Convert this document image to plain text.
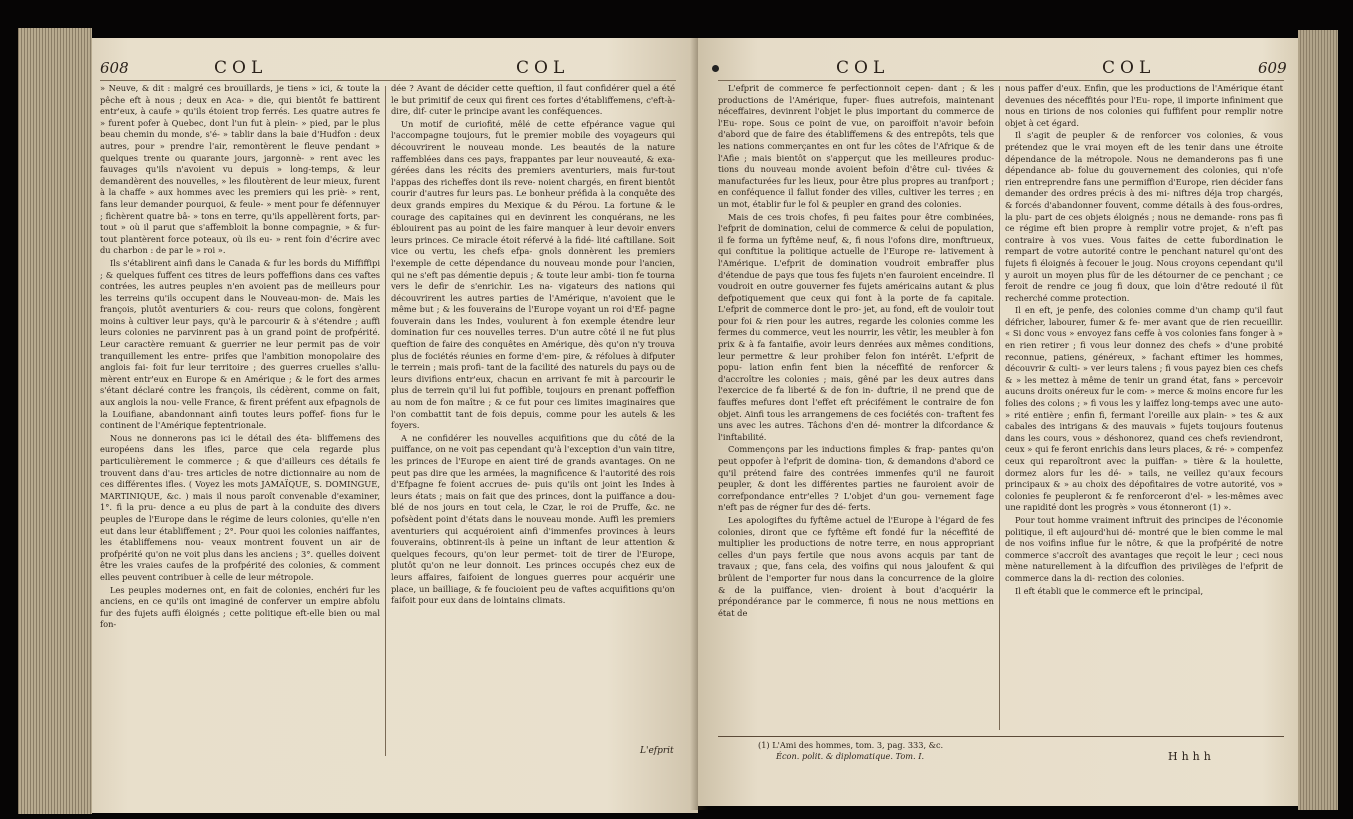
608	COL	COL

» Neuve, & dit : malgré ces brouillards, je tiens » ici, & toute la pêche eft à nous ; deux en Aca- » die, qui bientôt fe battirent entr'eux, à caufe » qu'ils étoient trop ferrés. Les quatre autres fe » furent pofer à Quebec, dont l'un fut à plein- » pied, par le plus beau chemin du monde, s'é- » tablir dans la baie d'Hudfon : deux autres, pour » prendre l'air, remontèrent le fleuve pendant » quelques trente ou quarante jours, jargonnè- » rent avec les fauvages qu'ils n'avoient vu depuis » long-temps, & leur demandèrent des nouvelles, » les filoutèrent de leur mieux, furent à la chaffe » aux hommes avec les premiers qui les priè- » rent, fans leur demander pourquoi, & feule- » ment pour fe défennuyer ; fichèrent quatre bâ- » tons en terre, qu'ils appellèrent forts, par-tout » où il parut que s'affembloit la bonne compagnie, » & fur-tout plantèrent force poteaux, où ils eu- » rent foin d'écrire avec du charbon : de par le » roi ».

Ils s'établirent ainfi dans le Canada & fur les bords du Miffiffipi ; & quelques fuffent ces titres de leurs poffeffions dans ces vaftes contrées, les autres peuples n'en avoient pas de meilleurs pour les terreins qu'ils occupent dans le Nouveau-mon- de. Mais les françois, plutôt aventuriers & cou- reurs que colons, fongèrent moins à cultiver leur pays, qu'à le parcourir & à s'étendre ; auffi leurs colonies ne parvinrent pas à un grand point de profpérité. Leur caractère remuant & guerrier ne leur permit pas de voir tranquillement les entre- prifes que l'ambition monopolaire des anglois fai- foit fur leur territoire ; des guerres cruelles s'allu- mèrent entr'eux en Europe & en Amérique ; & le fort des armes s'étant déclaré contre les françois, ils cédèrent, comme on fait, aux anglois la nou- velle France, & firent préfent aux efpagnols de la Louifiane, abandonnant ainfi toutes leurs poffef- fions fur le continent de l'Amérique feptentrionale.

Nous ne donnerons pas ici le détail des éta- bliffemens des européens dans les ifles, parce que cela regarde plus particulièrement le commerce ; & que d'ailleurs ces détails fe trouvent dans d'au- tres articles de notre dictionnaire au nom de ces différentes ifles. ( Voyez les mots JAMAÏQUE, S. DOMINGUE, MARTINIQUE, &c. ) mais il nous paroît convenable d'examiner, 1°. fi la pru- dence a eu plus de part à la conduite des divers peuples de l'Europe dans le régime de leurs colonies, qu'elle n'en eut dans leur établiffement ; 2°. Pour quoi les colonies naiffantes, les établiffemens nou- veaux montrent fouvent un air de profpérité qu'on ne voit plus dans les anciens ; 3°. quelles doivent être les vraies caufes de la profpérité des colonies, & comment elles peuvent contribuer à celle de leur métropole.

Les peuples modernes ont, en fait de colonies, enchéri fur les anciens, en ce qu'ils ont imaginé de conferver un empire abfolu fur des fujets auffi éloignés ; cette politique eft-elle bien ou mal fon-

dée ? Avant de décider cette queftion, il faut confidérer quel a été le but primitif de ceux qui firent ces fortes d'établiffemens, c'eft-à-dire, dif- cuter le principe avant les conféquences.

Un motif de curiofité, mêlé de cette efpérance vague qui l'accompagne toujours, fut le premier mobile des voyageurs qui découvrirent le nouveau monde. Les beautés de la nature raffemblées dans ces pays, frappantes par leur nouveauté, & exa- gérées dans les récits des premiers aventuriers, mais fur-tout l'appas des richeffes dont ils reve- noient chargés, en firent bientôt courir d'autres fur leurs pas. Le bonheur préfida à la conquête des deux grands empires du Mexique & du Pérou. La fortune & le courage des capitaines qui en devinrent les conquérans, ne les éblouirent pas au point de les faire manquer à leur devoir envers leurs princes. Ce miracle étoit réfervé à la fidé- lité caftillane. Soit vice ou vertu, les chefs efpa- gnols donnèrent les premiers l'exemple de cette dépendance du nouveau monde pour l'ancien, qui ne s'eft pas démentie depuis ; & toute leur ambi- tion fe tourna vers le defir de s'enrichir. Les na- vigateurs des nations qui découvrirent les autres parties de l'Amérique, n'avoient que le même but ; & les fouverains de l'Europe voyant un roi d'Ef- pagne fouverain dans les Indes, voulurent à fon exemple étendre leur domination fur ces nouvelles terres. D'un autre côté il ne fut plus queftion de faire des conquêtes en Amérique, dès qu'on n'y trouva plus de fociétés réunies en forme d'em- pire, & réfolues à difputer le terrein ; mais profi- tant de la facilité des naturels du pays ou de leurs divifions entr'eux, chacun en arrivant fe mit à parcourir le plus de terrein qu'il lui fut poffible, toujours en prenant poffeffion au nom de fon maître ; & ce fut pour ces limites imaginaires que l'on combattit tant de fois depuis, comme pour les autels & les foyers.

A ne confidérer les nouvelles acquifitions que du côté de la puiffance, on ne voit pas cependant qu'à l'exception d'un vain titre, les princes de l'Europe en aient tiré de grands avantages. On ne peut pas dire que les armées, la magnificence & l'autorité des rois d'Efpagne fe foient accrues de- puis qu'ils ont joint les Indes à leurs états ; mais on fait que des princes, dont la puiffance a dou- blé de nos jours en tout cela, le Czar, le roi de Pruffe, &c. ne pofsèdent point d'états dans le nouveau monde. Auffi les premiers aventuriers qui acquéroient ainfi d'immenfes provinces à leurs fouverains, obtinrent-ils à peine un inftant de leur attention & quelques fecours, qu'on leur permet- toit de tirer de l'Europe, plutôt qu'on ne leur donnoit. Les princes occupés chez eux de leurs affaires, faifoient de longues guerres pour acquérir une place, un bailliage, & fe foucioient peu de vaftes acquifitions qu'on faifoit pour eux dans de lointains climats.

L'efprit
COL	COL	609

L'efprit de commerce fe perfectionnoit cepen- dant ; & les productions de l'Amérique, fuper- flues autrefois, maintenant néceffaires, devinrent l'objet le plus important du commerce de l'Eu- rope. Sous ce point de vue, on paroiffoit n'avoir befoin d'abord que de faire des établiffemens & des entrepôts, tels que les nations commerçantes en ont fur les côtes de l'Afrique & de l'Afie ; mais bientôt on s'apperçut que les meilleures produc- tions du nouveau monde avoient befoin d'être cul- tivées & manufacturées fur les lieux, pour être plus propres au tranfport ; en conféquence il fallut fonder des villes, cultiver les terres ; en un mot, établir fur le fol & peupler en grand des colonies.

Mais de ces trois chofes, fi peu faites pour être combinées, l'efprit de domination, celui de commerce & celui de population, il fe forma un fyftême neuf, &, fi nous l'ofons dire, monftrueux, qui conftitue la politique actuelle de l'Europe re- lativement à l'Amérique. L'efprit de domination voudroit embraffer plus d'étendue de pays que tous fes fujets n'en fauroient enceindre. Il voudroit en outre gouverner fes fujets américains autant & plus defpotiquement que ceux qui font à la porte de fa capitale. L'efprit de commerce dont le pro- jet, au fond, eft de vouloir tout pour foi & rien pour les autres, regarde les colonies comme les fermes du commerce, veut les nourrir, les vêtir, les meubler à fon prix & à fa fantaifie, avoir leurs denrées aux mêmes conditions, leur permettre & leur prohiber felon fon intérêt. L'efprit de popu- lation enfin fent bien la néceffité de renforcer & d'accroître les colonies ; mais, gêné par les deux autres dans l'exercice de fa liberté & de fon in- duftrie, il ne prend que de fauffes mefures dont l'effet eft précifément le contraire de fon objet. Ainfi tous les arrangemens de ces fociétés con- traftent fes uns avec les autres. Tâchons d'en dé- montrer la difcordance & l'inftabilité.

Commençons par les inductions fimples & frap- pantes qu'on peut oppofer à l'efprit de domina- tion, & demandons d'abord ce qu'il prétend faire des contrées immenfes qu'il ne fauroit peupler, & dont les différentes parties ne fauroient avoir de correfpondance entr'elles ? L'objet d'un gou- vernement fage n'eft pas de régner fur des dé- ferts.

Les apologiftes du fyftême actuel de l'Europe à l'égard de fes colonies, diront que ce fyftême eft fondé fur la néceffité de multiplier les productions de notre terre, en nous appropriant celles d'un pays fertile que nous avons acquis par tant de travaux ; que, fans cela, des voifins qui nous jaloufent & qui brûlent de l'emporter fur nous dans la concurrence de la gloire & de la puiffance, vien- droient à bout d'acquérir la prépondérance par le commerce, fi nous ne nous mettions en état de

nous paffer d'eux. Enfin, que les productions de l'Amérique étant devenues des néceffités pour l'Eu- rope, il importe infiniment que nous en tirions de nos colonies qui fuffifent pour remplir notre objet à cet égard.

Il s'agit de peupler & de renforcer vos colonies, & vous prétendez que le vrai moyen eft de les tenir dans une étroite dépendance de la métropole. Nous ne demanderons pas fi une dépendance ab- folue du gouvernement des colonies, qui n'ofe rien entreprendre fans une permiffion d'Europe, rien décider fans demander des ordres précis à des mi- niftres déja trop chargés, & forcés d'abandonner fouvent, comme détails à des fous-ordres, la plu- part de ces objets éloignés ; nous ne demande- rons pas fi ce régime eft bien propre à remplir votre projet, & n'eft pas contraire à vos vues. Vous faites de cette fubordination le rempart de votre autorité contre le penchant naturel qu'ont des fujets fi éloignés à fecouer le joug. Nous croyons cependant qu'il y auroit un moyen plus fûr de les détourner de ce penchant ; ce feroit de rendre ce joug fi doux, que loin d'être redouté il fût recherché comme protection.

Il en eft, je penfe, des colonies comme d'un champ qu'il faut défricher, labourer, fumer & fe- mer avant que de rien recueillir. « Si donc vous » envoyez fans ceffe à vos colonies fans fonger à » en rien retirer ; fi vous leur donnez des chefs » d'une probité reconnue, patiens, généreux, » fachant eftimer les hommes, découvrir & culti- » ver leurs talens ; fi vous payez bien ces chefs & » les mettez à même de tenir un grand état, fans » percevoir aucuns droits onéreux fur le com- » merce & moins encore fur les folies des colons ; » fi vous les y laiffez long-temps avec une auto- » rité entière ; enfin fi, fermant l'oreille aux plain- » tes & aux cabales des intrigans & des mauvais » fujets toujours foutenus dans les cours, vous » déshonorez, quand ces chefs reviendront, ceux » qui fe feront enrichis dans leurs places, & ré- » compenfez ceux qui reparoîtront avec la puiffan- » tière & la houlette, dormez alors fur les dé- » tails, ne veillez qu'aux fecours principaux & » au choix des dépofitaires de votre autorité, vos » colonies fe peupleront & fe renforceront d'el- » les-mêmes avec une rapidité dont les progrès » vous étonneront (1) ».

Pour tout homme vraiment inftruit des principes de l'économie politique, il eft aujourd'hui dé- montré que le bien comme le mal de nos voifins influe fur le nôtre, & que la profpérité de notre commerce s'accroît des avantages que reçoit le leur ; ceci nous mène naturellement à la difcuffion des privilèges de l'efprit de commerce dans la di- rection des colonies.

Il eft établi que le commerce eft le principal,

(1) L'Ami des hommes, tom. 3, pag. 333, &c.
Écon. polit. & diplomatique. Tom. I.	Hhhh
